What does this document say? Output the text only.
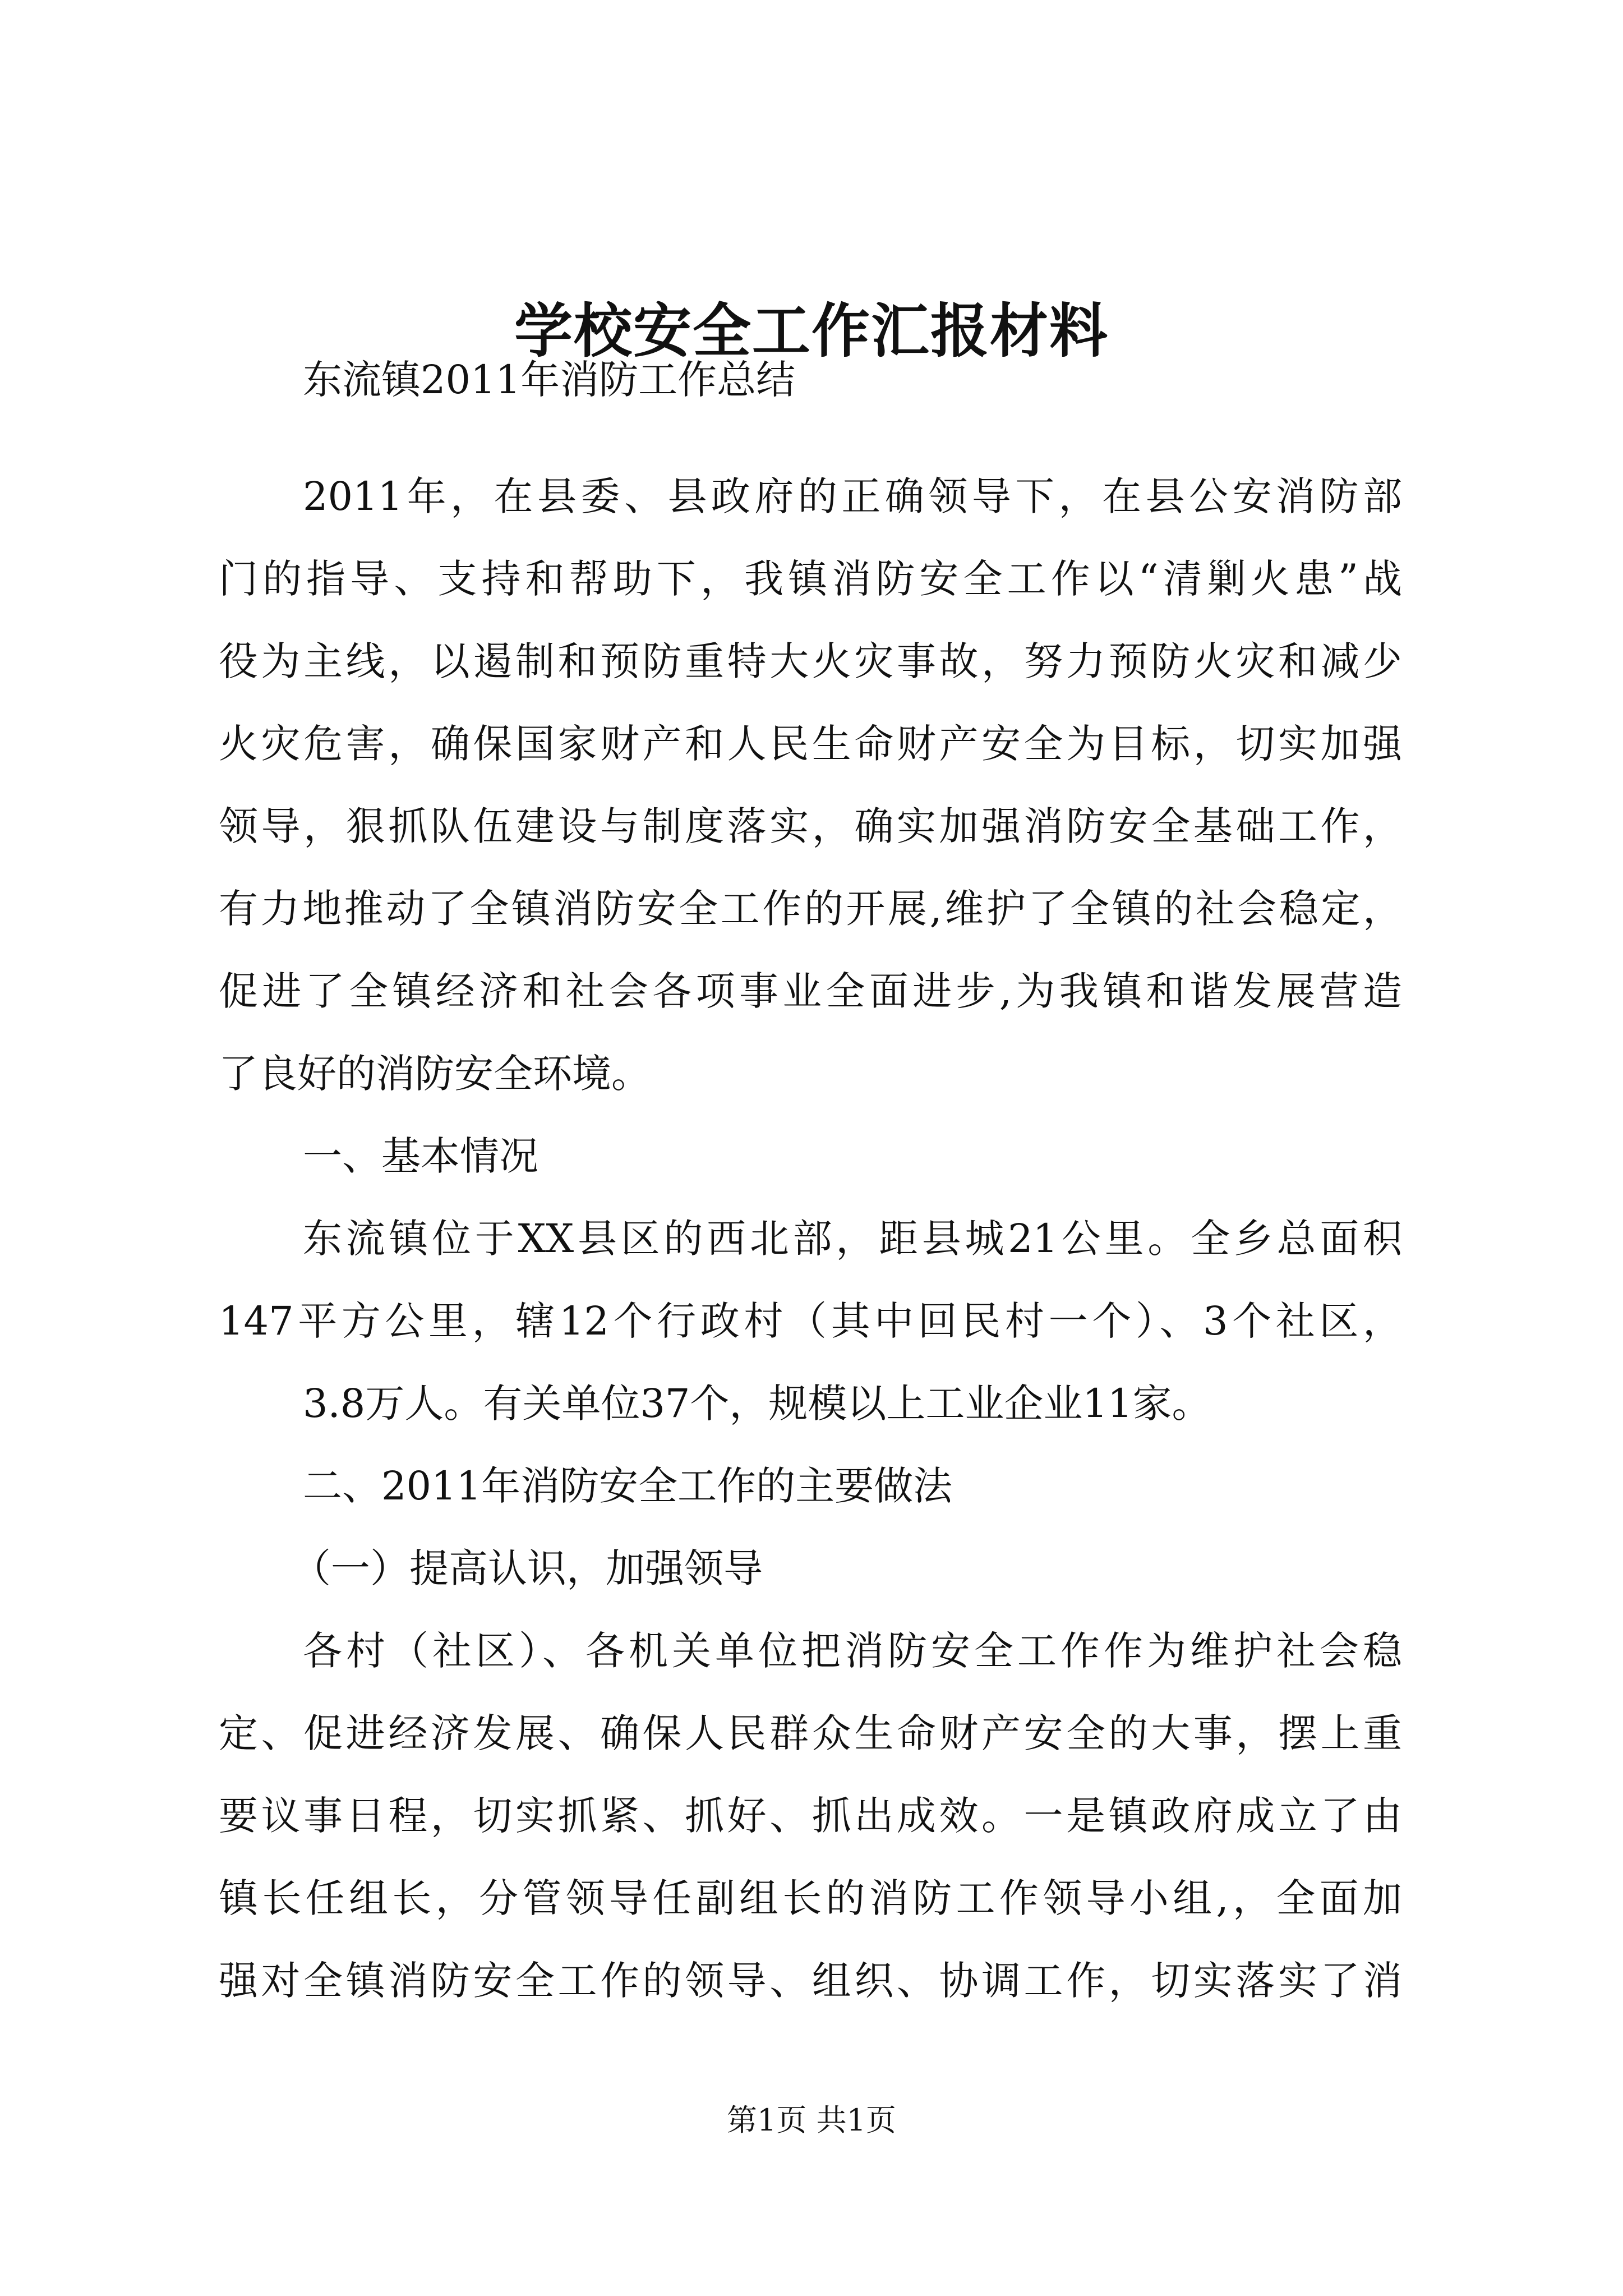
学校安全工作汇报材料
东流镇2011年消防工作总结
2011年，在县委、县政府的正确领导下，在县公安消防部
门的指导、支持和帮助下，我镇消防安全工作以“清剿火患”战
役为主线，以遏制和预防重特大火灾事故，努力预防火灾和减少
火灾危害，确保国家财产和人民生命财产安全为目标，切实加强
领导，狠抓队伍建设与制度落实，确实加强消防安全基础工作，
有力地推动了全镇消防安全工作的开展,维护了全镇的社会稳定，
促进了全镇经济和社会各项事业全面进步,为我镇和谐发展营造
了良好的消防安全环境。
一、基本情况
东流镇位于XX县区的西北部，距县城21公里。全乡总面积
147平方公里，辖12个行政村（其中回民村一个）、3个社区，
3.8万人。有关单位37个，规模以上工业企业11家。
二、2011年消防安全工作的主要做法
（一）提高认识，加强领导
各村（社区）、各机关单位把消防安全工作作为维护社会稳
定、促进经济发展、确保人民群众生命财产安全的大事，摆上重
要议事日程，切实抓紧、抓好、抓出成效。一是镇政府成立了由
镇长任组长，分管领导任副组长的消防工作领导小组,，全面加
强对全镇消防安全工作的领导、组织、协调工作，切实落实了消
第1页 共1页
